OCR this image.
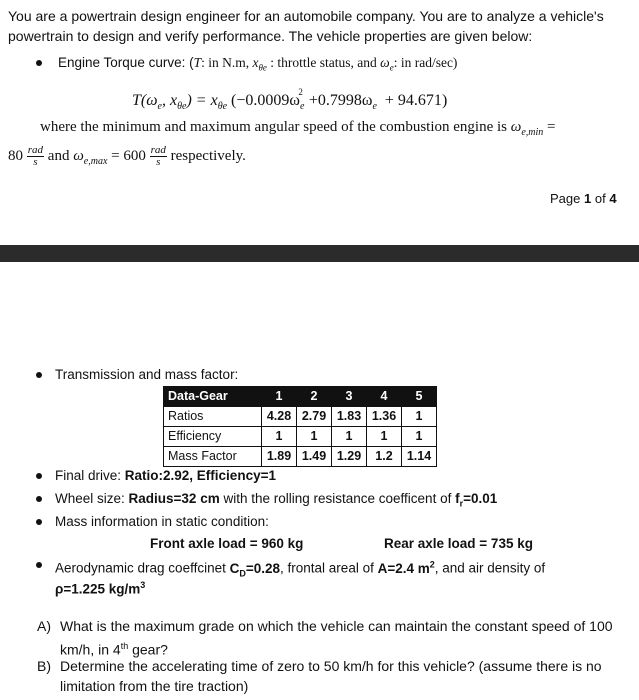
You are a powertrain design engineer for an automobile company. You are to analyze a vehicle's
powertrain to design and verify performance. The vehicle properties are given below:
Engine Torque curve: (T: in N.m, $x_{\theta e}$ : throttle status, and $\omega_e$: in rad/sec)
$T(\omega_e$, $x_{\theta e}) = x_{\theta e}$ $(-0.0009\omega_e^2+0.7998\omega_e + 94.671)$
where the minimum and maximum angular speed of the combustion engine is $\omega_{e,min}$ =
$80 \frac{\text{rad}}{s}$ and $\omega_{e,max} = 600 \frac{\text{rad}}{s}$ respectively.
Page 1 of 4
Transmission and mass factor:
Data-Gear	1	2	3	4	5
Ratios	4.28	2.79	1.83	1.36	1
Efficiency	1	1	1	1	1
Mass Factor	1.89	1.49	1.29	1.2	1.14
Final drive: Ratio:2.92, Efficiency=1
Wheel size: Radius=32 cm with the rolling resistance coefficent of $f_r=0.01$
Mass information in static condition:
Front axle load = 960 kg	Rear axle load = 735 kg
Aerodynamic drag coeffcinet $C_D=0.28$, frontal areal of A=2.4 $m^2$, and air density of
ρ=1.225 $kg/m^3$
A) What is the maximum grade on which the vehicle can maintain the constant speed of 100
km/h, in 4th gear?
B) Determine the accelerating time of zero to 50 km/h for this vehicle? (assume there is no
limitation from the tire traction)
